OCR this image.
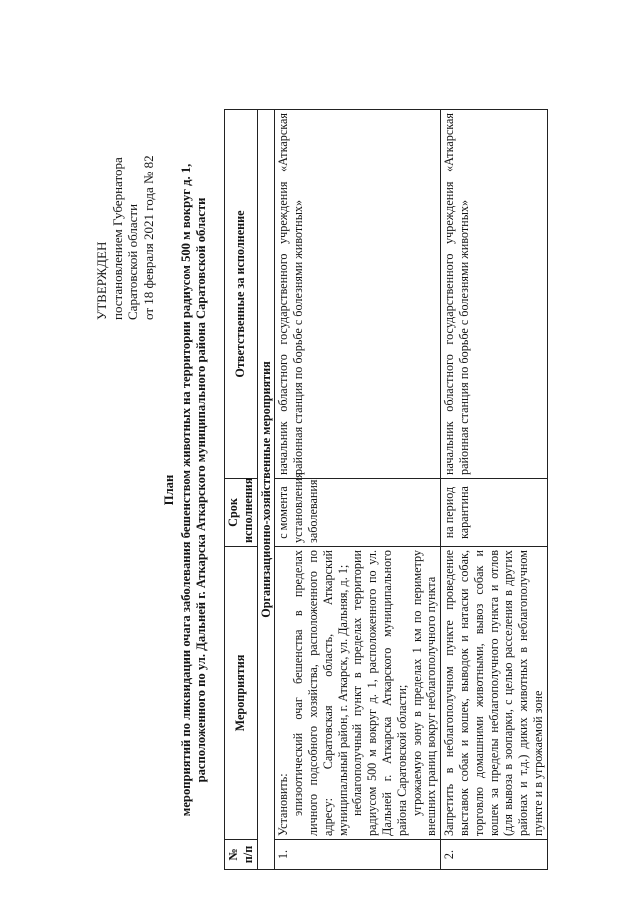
УТВЕРЖДЕН постановлением Губернатора Саратовской области от 18 февраля 2021 года № 82
План мероприятий по ликвидации очага заболевания бешенством животных на территории радиусом 500 м вокруг д. 1, расположенного по ул. Дальней г. Аткарска Аткарского муниципального района Саратовской области
№ п/п	Мероприятия	Срок исполнения	Ответственные за исполнение
Организационно-хозяйственные мероприятия			
1.	Установить: эпизоотический очаг бешенства в пределах личного подсобного хозяйства, расположенного по адресу: Саратовская область, Аткарский муниципальный район, г. Аткарск, ул. Дальняя, д. 1; неблагополучный пункт в пределах территории радиусом 500 м вокруг д. 1, расположенного по ул. Дальней г. Аткарска Аткарского муниципального района Саратовской области; угрожаемую зону в пределах 1 км по периметру внешних границ вокруг неблагополучного пункта	с момента установления заболевания	начальник областного государственного учреждения «Аткарская районная станция по борьбе с болезнями животных»
2.	Запретить в неблагополучном пункте проведение выставок собак и кошек, выводок и натаски собак, торговлю домашними животными, вывоз собак и кошек за пределы неблагополучного пункта и отлов (для вывоза в зоопарки, с целью расселения в других районах и т.д.) диких животных в неблагополучном пункте и в угрожаемой зоне	на период карантина	начальник областного государственного учреждения «Аткарская районная станция по борьбе с болезнями животных»
